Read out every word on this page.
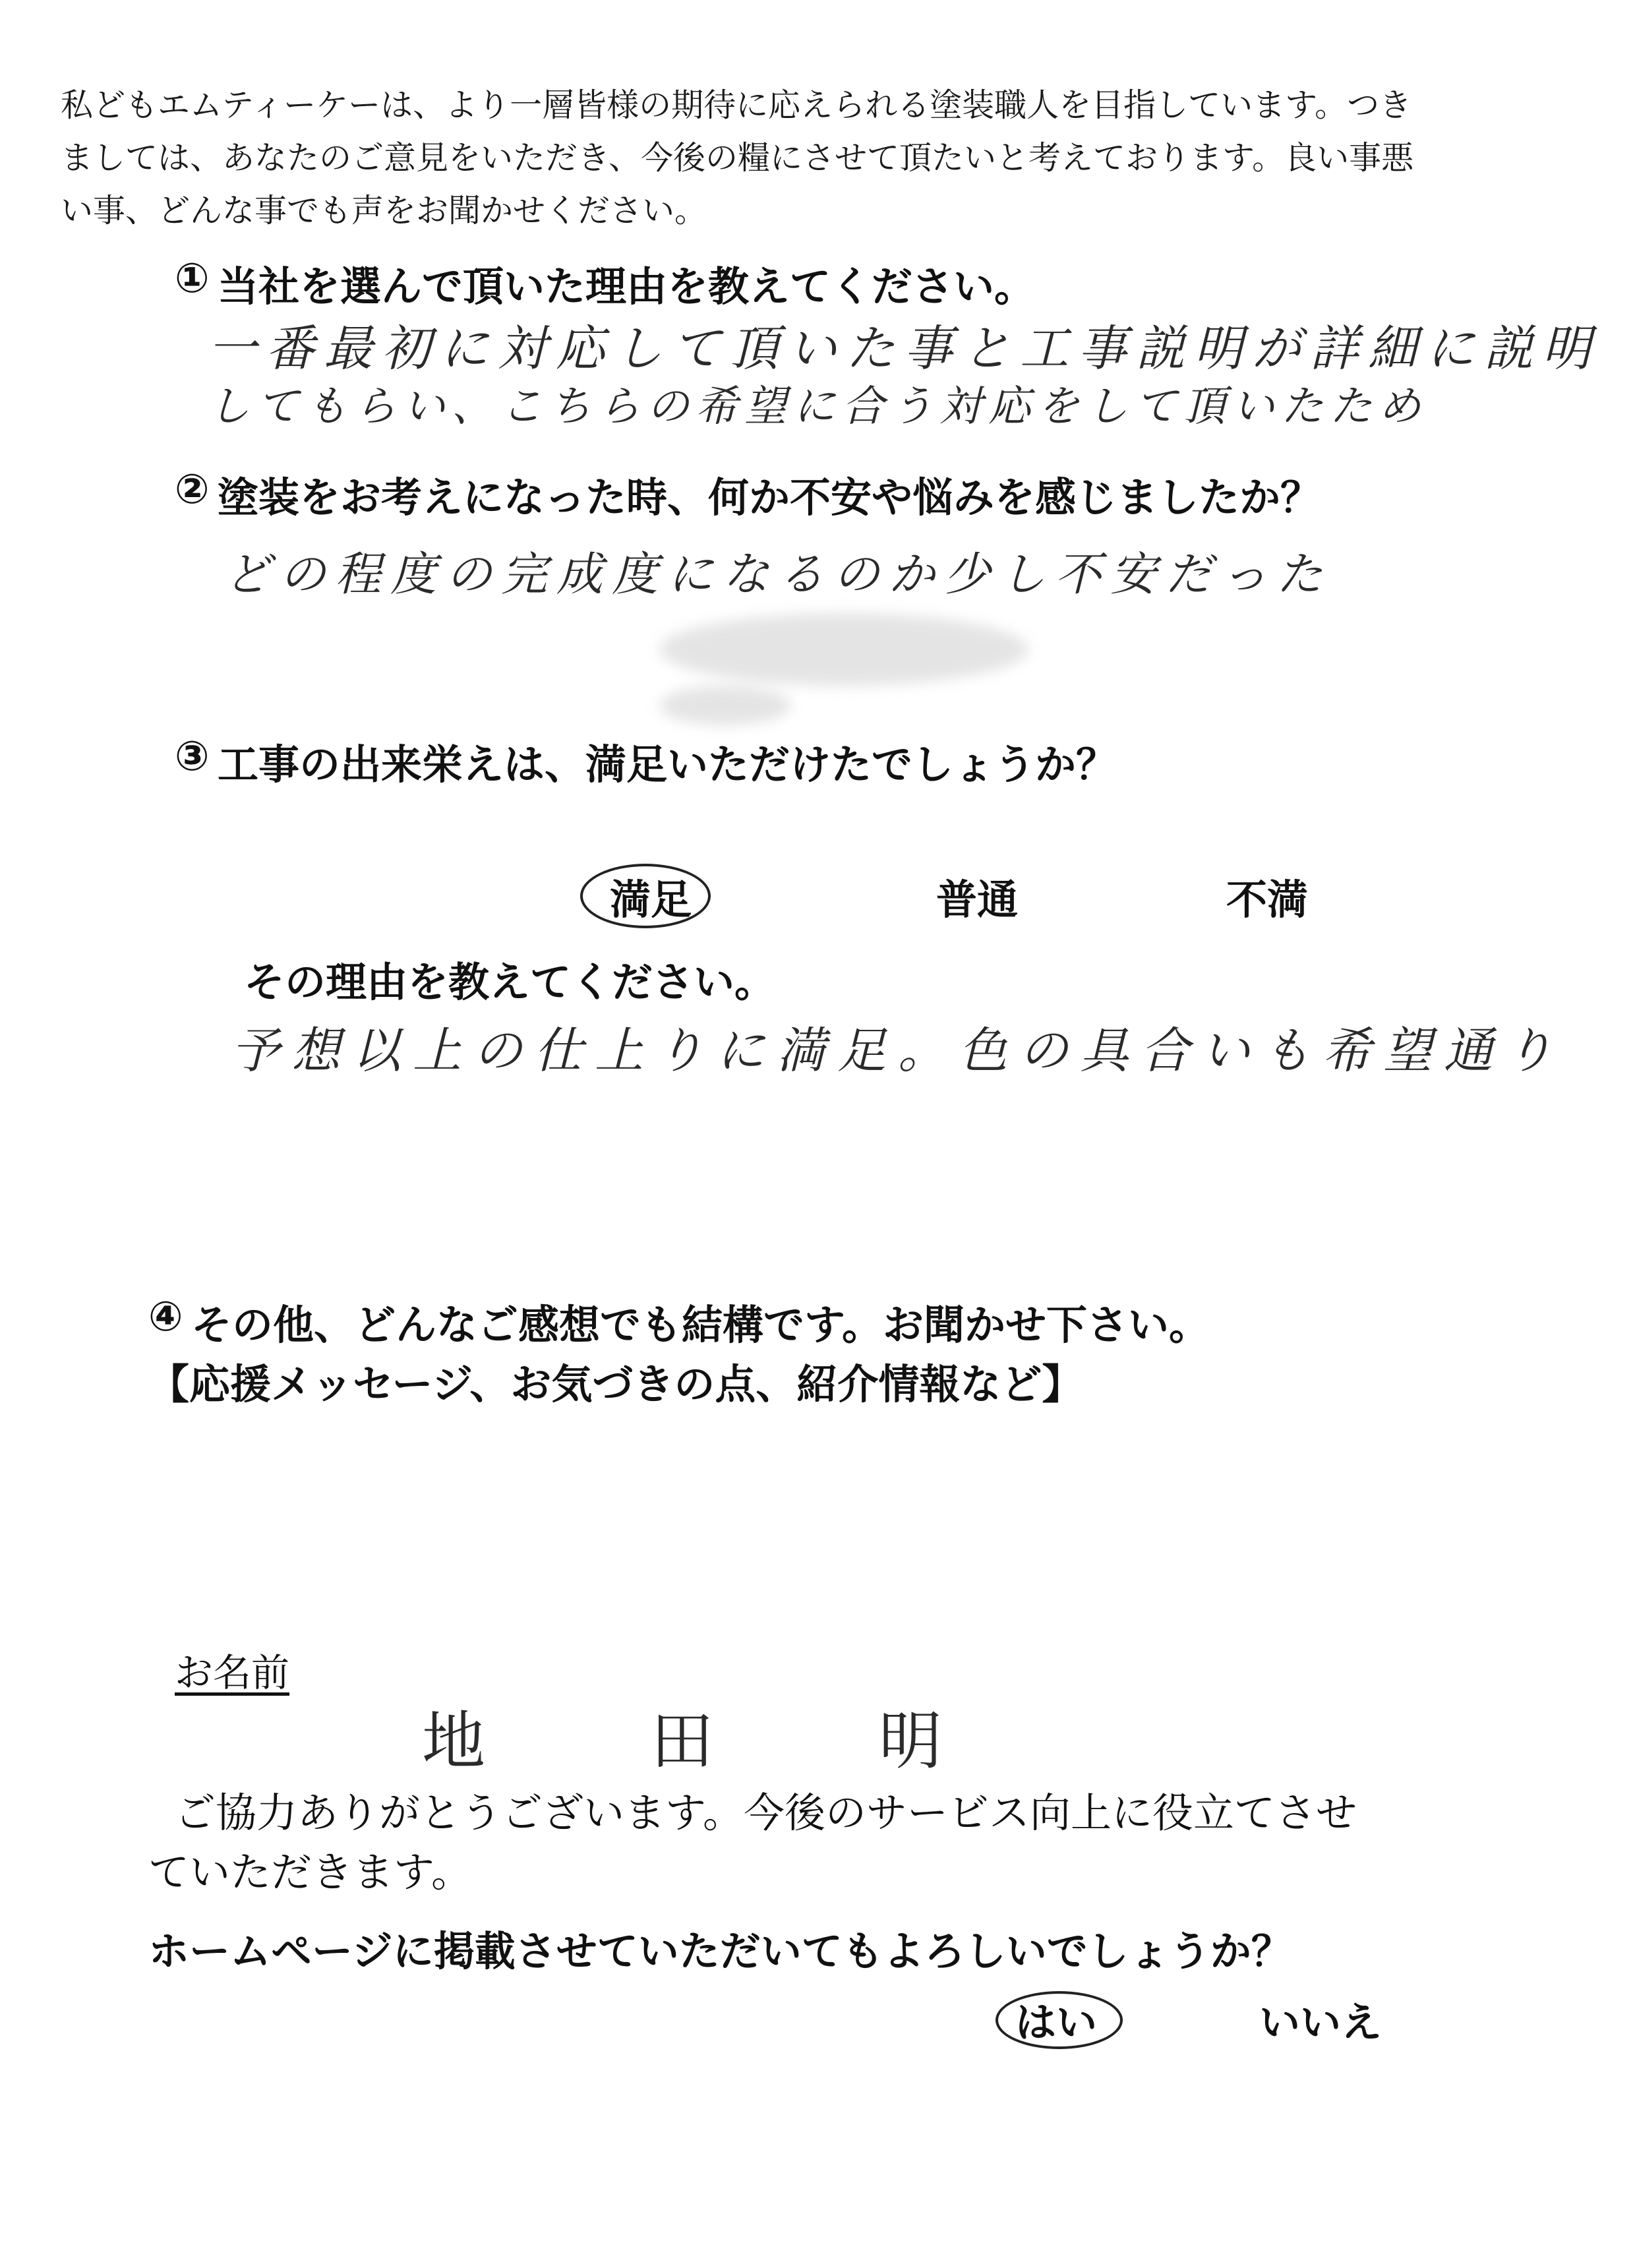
私どもエムティーケーは、より一層皆様の期待に応えられる塗装職人を目指しています。つき
ましては、あなたのご意見をいただき、今後の糧にさせて頂たいと考えております。良い事悪
い事、どんな事でも声をお聞かせください。
① 当社を選んで頂いた理由を教えてください。
一番最初に対応して頂いた事と工事説明が詳細に説明
してもらい、こちらの希望に合う対応をして頂いたため
② 塗装をお考えになった時、何か不安や悩みを感じましたか？
どの程度の完成度になるのか少し不安だった
③ 工事の出来栄えは、満足いただけたでしょうか？
満足	普通	不満
その理由を教えてください。
予想以上の仕上りに満足。色の具合いも希望通り
④ その他、どんなご感想でも結構です。お聞かせ下さい。
【応援メッセージ、お気づきの点、紹介情報など】
お名前
地 田 明
ご協力ありがとうございます。今後のサービス向上に役立てさせ
ていただきます。
ホームページに掲載させていただいてもよろしいでしょうか？
はい	いいえ
